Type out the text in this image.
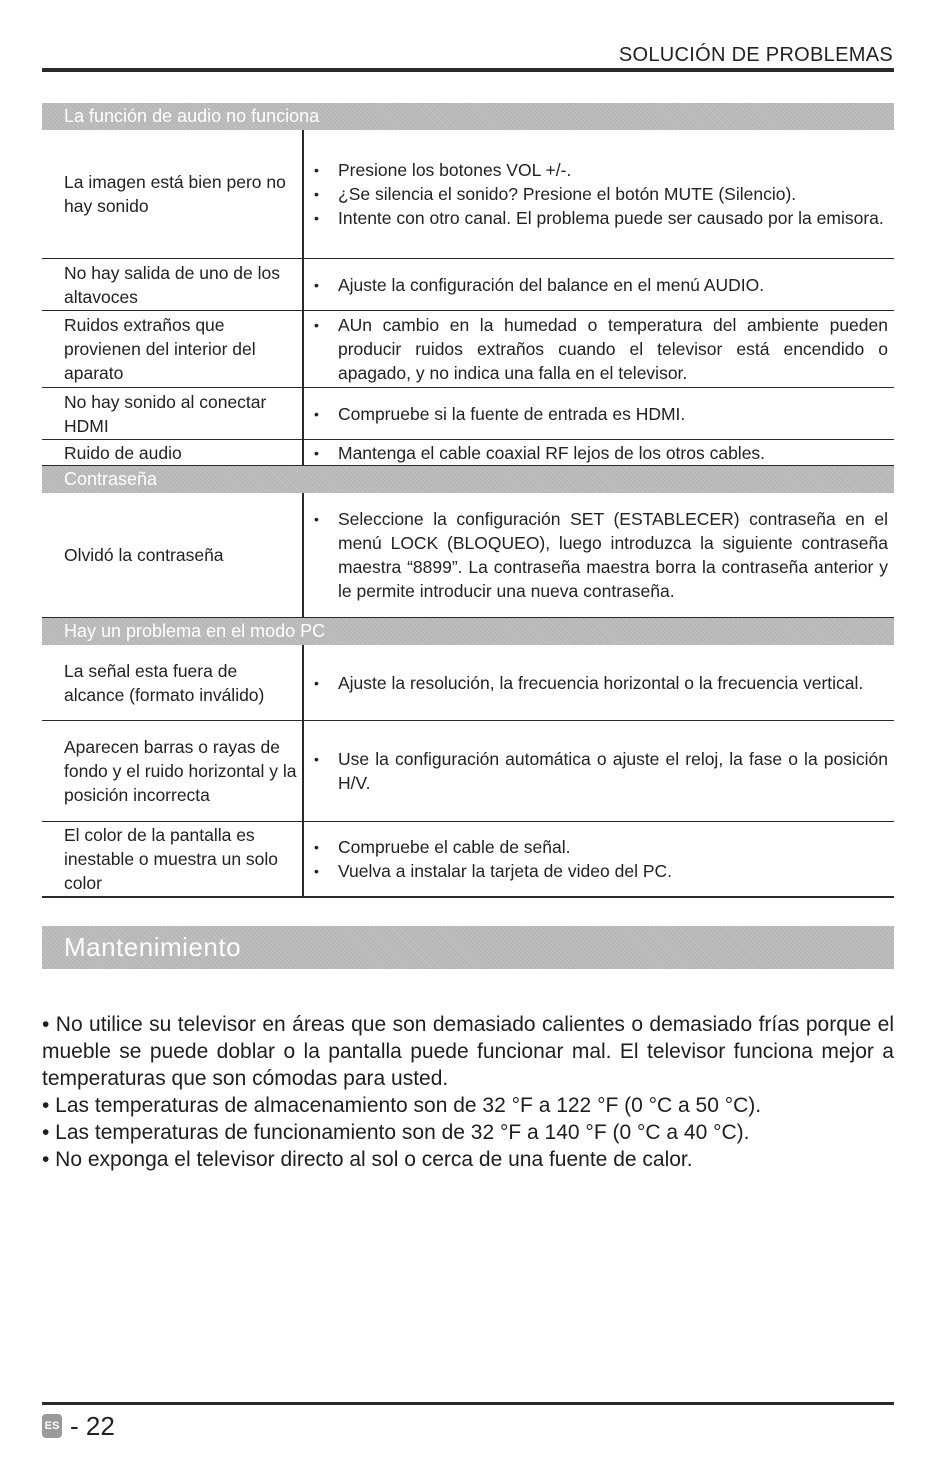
SOLUCIÓN DE PROBLEMAS
La función de audio no funciona
La imagen está bien pero no hay sonido
•	Presione los botones VOL +/-.
•	¿Se silencia el sonido? Presione el botón MUTE (Silencio).
•	Intente con otro canal. El problema puede ser causado por la emisora.
No hay salida de uno de los altavoces
•	Ajuste la configuración del balance en el menú AUDIO.
Ruidos extraños que provienen del interior del aparato
•	AUn cambio en la humedad o temperatura del ambiente pueden producir ruidos extraños cuando el televisor está encendido o apagado, y no indica una falla en el televisor.
No hay sonido al conectar HDMI
•	Compruebe si la fuente de entrada es HDMI.
Ruido de audio	•	Mantenga el cable coaxial RF lejos de los otros cables.
Contraseña
Olvidó la contraseña
•	Seleccione la configuración SET (ESTABLECER) contraseña en el menú LOCK (BLOQUEO), luego introduzca la siguiente contraseña maestra “8899”. La contraseña maestra borra la contraseña anterior y le permite introducir una nueva contraseña.
Hay un problema en el modo PC
La señal esta fuera de alcance (formato inválido)
•	Ajuste la resolución, la frecuencia horizontal o la frecuencia vertical.
Aparecen barras o rayas de fondo y el ruido horizontal y la posición incorrecta
•	Use la configuración automática o ajuste el reloj, la fase o la posición H/V.
El color de la pantalla es inestable o muestra un solo color
•	Compruebe el cable de señal.
•	Vuelva a instalar la tarjeta de video del PC.
Mantenimiento

• No utilice su televisor en áreas que son demasiado calientes o demasiado frías porque el mueble se puede doblar o la pantalla puede funcionar mal. El televisor funciona mejor a temperaturas que son cómodas para usted.

• Las temperaturas de almacenamiento son de 32 °F a 122 °F (0 °C a 50 °C).

• Las temperaturas de funcionamiento son de 32 °F a 140 °F (0 °C a 40 °C).

• No exponga el televisor directo al sol o cerca de una fuente de calor.

ES - 22
